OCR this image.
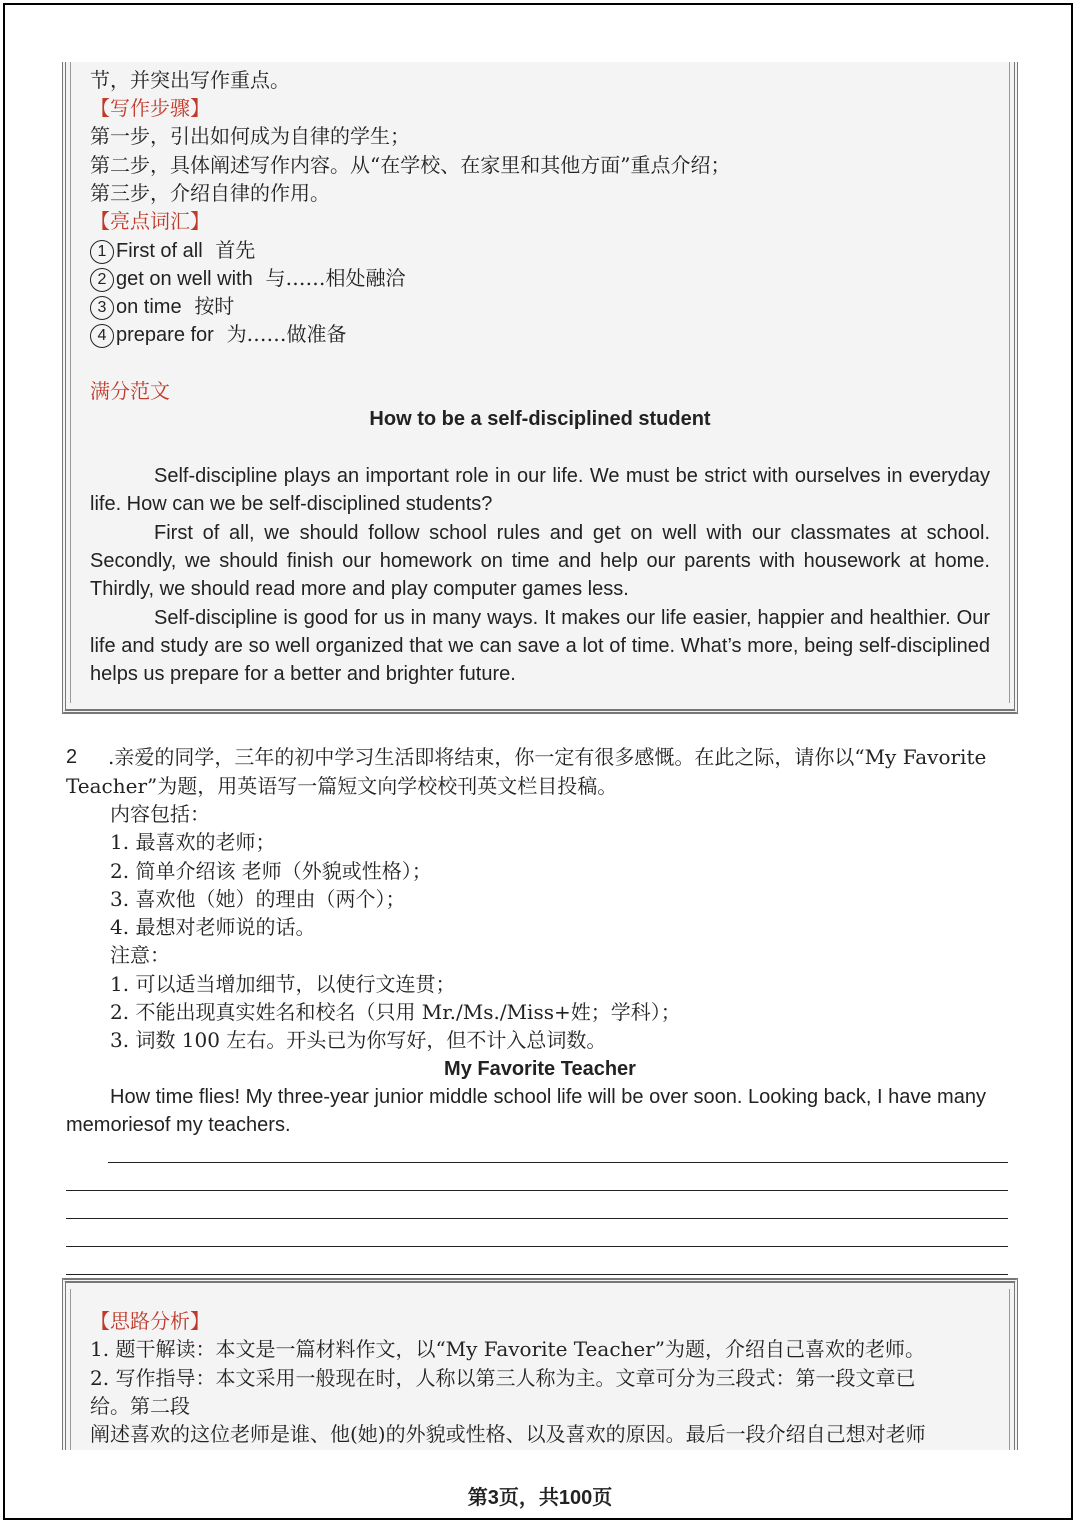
节，并突出写作重点。
【写作步骤】
第一步，引出如何成为自律的学生；
第二步，具体阐述写作内容。从“在学校、在家里和其他方面”重点介绍；
第三步，介绍自律的作用。
【亮点词汇】
1 First of all 首先
2 get on well with 与……相处融洽
3 on time 按时
4 prepare for 为……做准备
满分范文
How to be a self-disciplined student
Self-discipline plays an important role in our life. We must be strict with ourselves in everyday
life. How can we be self-disciplined students?
First of all, we should follow school rules and get on well with our classmates at school.
Secondly, we should finish our homework on time and help our parents with housework at home.
Thirdly, we should read more and play computer games less.
Self-discipline is good for us in many ways. It makes our life easier, happier and healthier. Our
life and study are so well organized that we can save a lot of time. What’s more, being self-disciplined
helps us prepare for a better and brighter future.
2 .亲爱的同学，三年的初中学习生活即将结束，你一定有很多感慨。在此之际，请你以“My Favorite
Teacher”为题，用英语写一篇短文向学校校刊英文栏目投稿。
内容包括：
1. 最喜欢的老师；
2. 简单介绍该 老师（外貌或性格）；
3. 喜欢他（她）的理由（两个）；
4. 最想对老师说的话。
注意：
1. 可以适当增加细节，以使行文连贯；
2. 不能出现真实姓名和校名（只用 Mr./Ms./Miss+姓；学科）；
3. 词数 100 左右。开头已为你写好，但不计入总词数。
My Favorite Teacher
How time flies! My three-year junior middle school life will be over soon. Looking back, I have many
memoriesof my teachers.
【思路分析】
1. 题干解读：本文是一篇材料作文，以“My Favorite Teacher”为题，介绍自己喜欢的老师。
2. 写作指导：本文采用一般现在时，人称以第三人称为主。文章可分为三段式：第一段文章已
给。第二段
阐述喜欢的这位老师是谁、他(她)的外貌或性格、以及喜欢的原因。最后一段介绍自己想对老师
第3页，共100页
